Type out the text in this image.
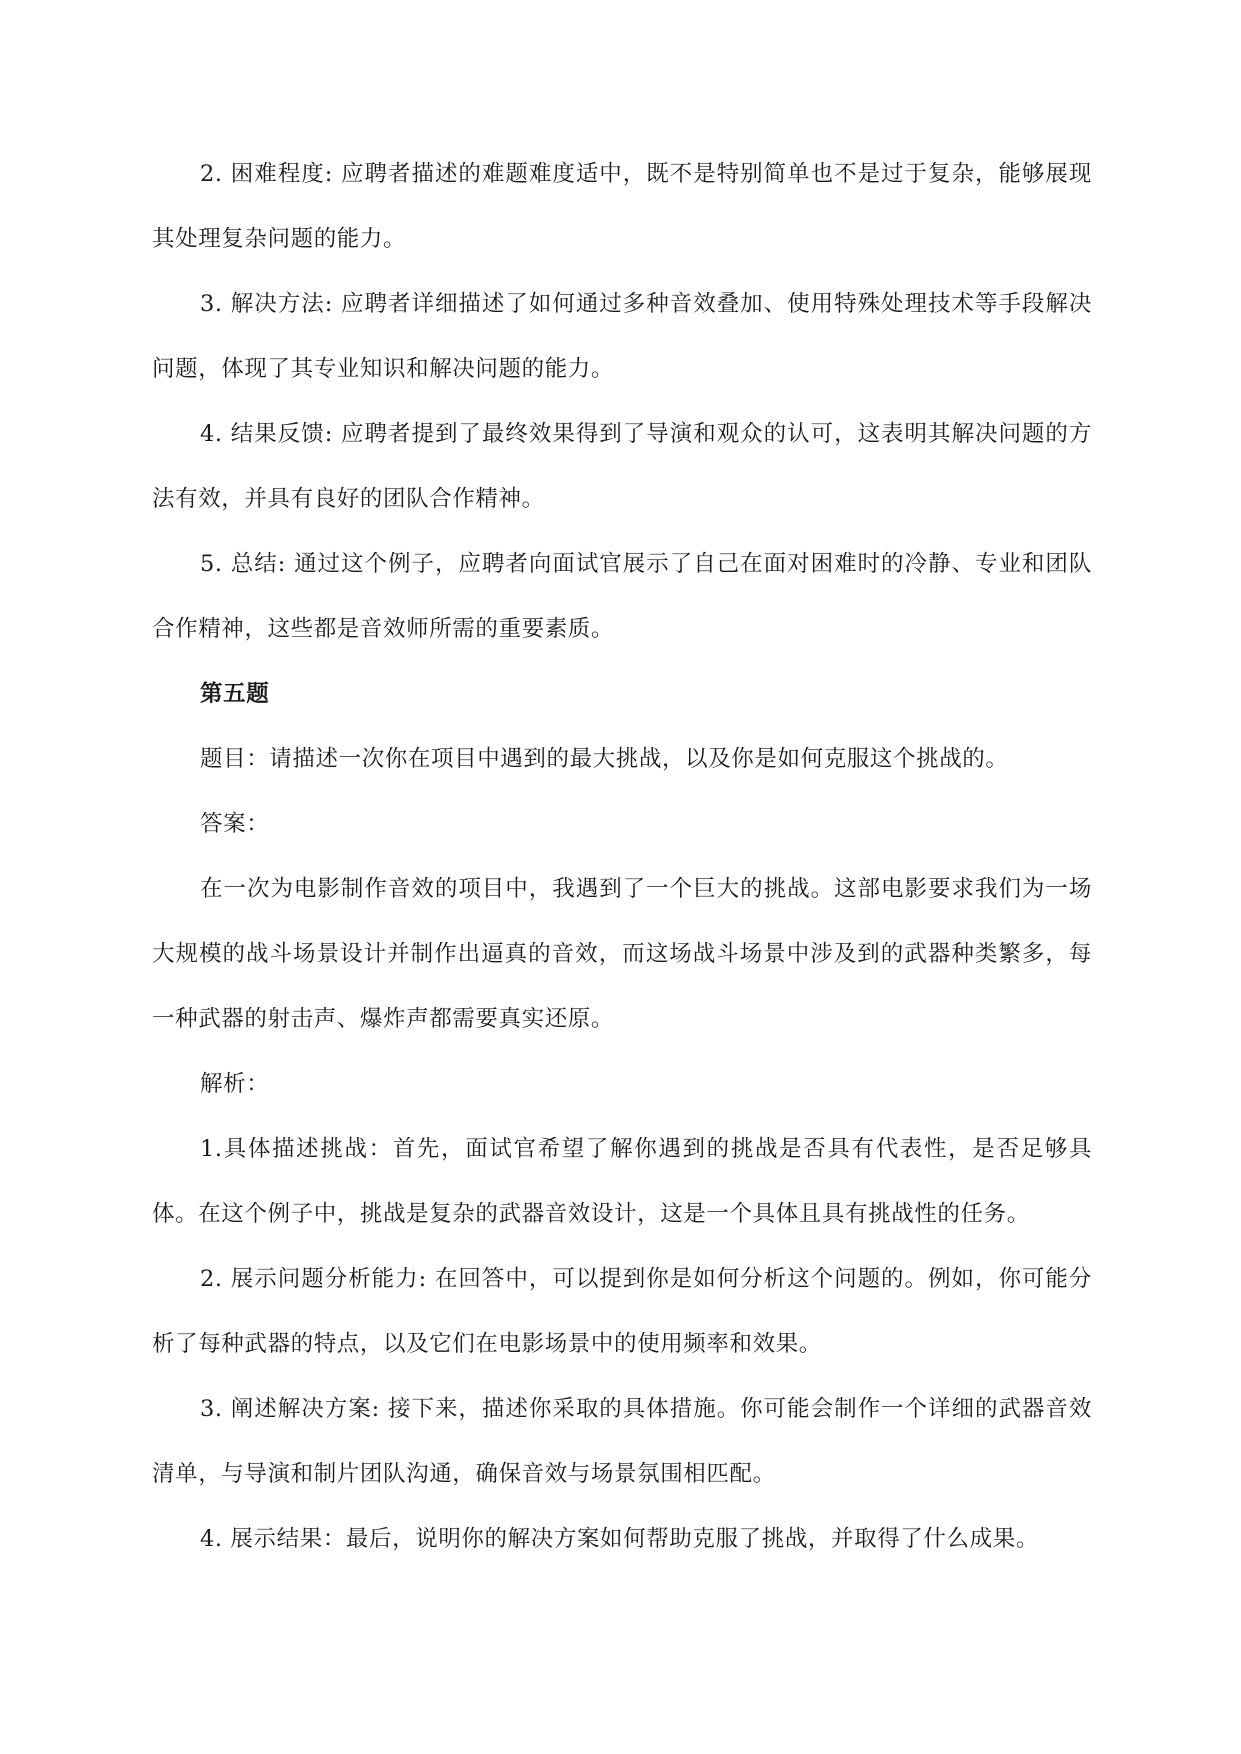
2. 困难程度: 应聘者描述的难题难度适中，既不是特别简单也不是过于复杂，能够展现其处理复杂问题的能力。

3. 解决方法: 应聘者详细描述了如何通过多种音效叠加、使用特殊处理技术等手段解决问题，体现了其专业知识和解决问题的能力。

4. 结果反馈: 应聘者提到了最终效果得到了导演和观众的认可，这表明其解决问题的方法有效，并具有良好的团队合作精神。

5. 总结: 通过这个例子，应聘者向面试官展示了自己在面对困难时的冷静、专业和团队合作精神，这些都是音效师所需的重要素质。

第五题

题目：请描述一次你在项目中遇到的最大挑战，以及你是如何克服这个挑战的。

答案：

在一次为电影制作音效的项目中，我遇到了一个巨大的挑战。这部电影要求我们为一场大规模的战斗场景设计并制作出逼真的音效，而这场战斗场景中涉及到的武器种类繁多，每一种武器的射击声、爆炸声都需要真实还原。

解析：

1.具体描述挑战：首先，面试官希望了解你遇到的挑战是否具有代表性，是否足够具体。在这个例子中，挑战是复杂的武器音效设计，这是一个具体且具有挑战性的任务。

2. 展示问题分析能力: 在回答中，可以提到你是如何分析这个问题的。例如，你可能分析了每种武器的特点，以及它们在电影场景中的使用频率和效果。

3. 阐述解决方案: 接下来，描述你采取的具体措施。你可能会制作一个详细的武器音效清单，与导演和制片团队沟通，确保音效与场景氛围相匹配。

4. 展示结果：最后，说明你的解决方案如何帮助克服了挑战，并取得了什么成果。
